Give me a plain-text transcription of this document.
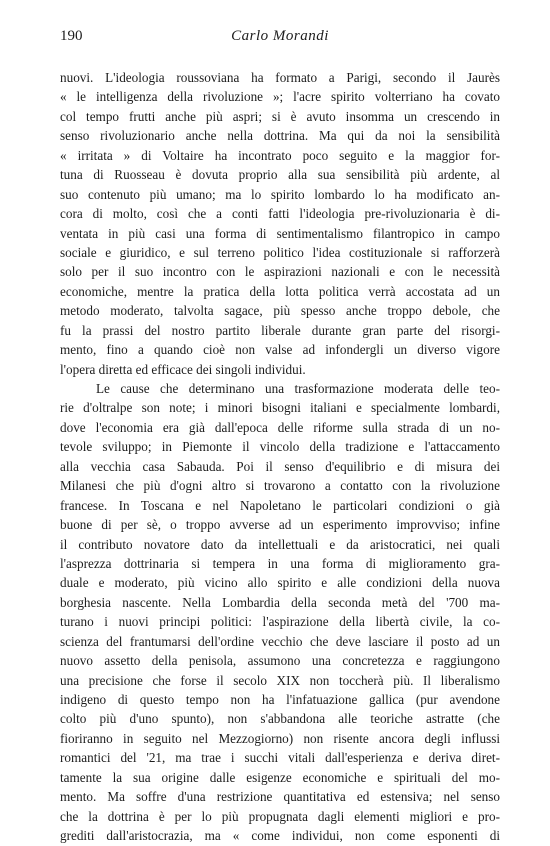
190	Carlo Morandi
nuovi. L'ideologia roussoviana ha formato a Parigi, secondo il Jaurès
« le intelligenza della rivoluzione »; l'acre spirito volterriano ha covato
col tempo frutti anche più aspri; si è avuto insomma un crescendo in
senso rivoluzionario anche nella dottrina. Ma qui da noi la sensibilità
« irritata » di Voltaire ha incontrato poco seguito e la maggior for-
tuna di Ruosseau è dovuta proprio alla sua sensibilità più ardente, al
suo contenuto più umano; ma lo spirito lombardo lo ha modificato an-
cora di molto, così che a conti fatti l'ideologia pre-rivoluzionaria è di-
ventata in più casi una forma di sentimentalismo filantropico in campo
sociale e giuridico, e sul terreno politico l'idea costituzionale si rafforzerà
solo per il suo incontro con le aspirazioni nazionali e con le necessità
economiche, mentre la pratica della lotta politica verrà accostata ad un
metodo moderato, talvolta sagace, più spesso anche troppo debole, che
fu la prassi del nostro partito liberale durante gran parte del risorgi-
mento, fino a quando cioè non valse ad infondergli un diverso vigore
l'opera diretta ed efficace dei singoli individui.
Le cause che determinano una trasformazione moderata delle teo-
rie d'oltralpe son note; i minori bisogni italiani e specialmente lombardi,
dove l'economia era già dall'epoca delle riforme sulla strada di un no-
tevole sviluppo; in Piemonte il vincolo della tradizione e l'attaccamento
alla vecchia casa Sabauda. Poi il senso d'equilibrio e di misura dei
Milanesi che più d'ogni altro si trovarono a contatto con la rivoluzione
francese. In Toscana e nel Napoletano le particolari condizioni o già
buone di per sè, o troppo avverse ad un esperimento improvviso; infine
il contributo novatore dato da intellettuali e da aristocratici, nei quali
l'asprezza dottrinaria si tempera in una forma di miglioramento gra-
duale e moderato, più vicino allo spirito e alle condizioni della nuova
borghesia nascente. Nella Lombardia della seconda metà del '700 ma-
turano i nuovi principi politici: l'aspirazione della libertà civile, la co-
scienza del frantumarsi dell'ordine vecchio che deve lasciare il posto ad un
nuovo assetto della penisola, assumono una concretezza e raggiungono
una precisione che forse il secolo XIX non toccherà più. Il liberalismo
indigeno di questo tempo non ha l'infatuazione gallica (pur avendone
colto più d'uno spunto), non s'abbandona alle teoriche astratte (che
fioriranno in seguito nel Mezzogiorno) non risente ancora degli influssi
romantici del '21, ma trae i succhi vitali dall'esperienza e deriva diret-
tamente la sua origine dalle esigenze economiche e spirituali del mo-
mento. Ma soffre d'una restrizione quantitativa ed estensiva; nel senso
che la dottrina è per lo più propugnata dagli elementi migliori e pro-
grediti dall'aristocrazia, ma « come individui, non come esponenti di
